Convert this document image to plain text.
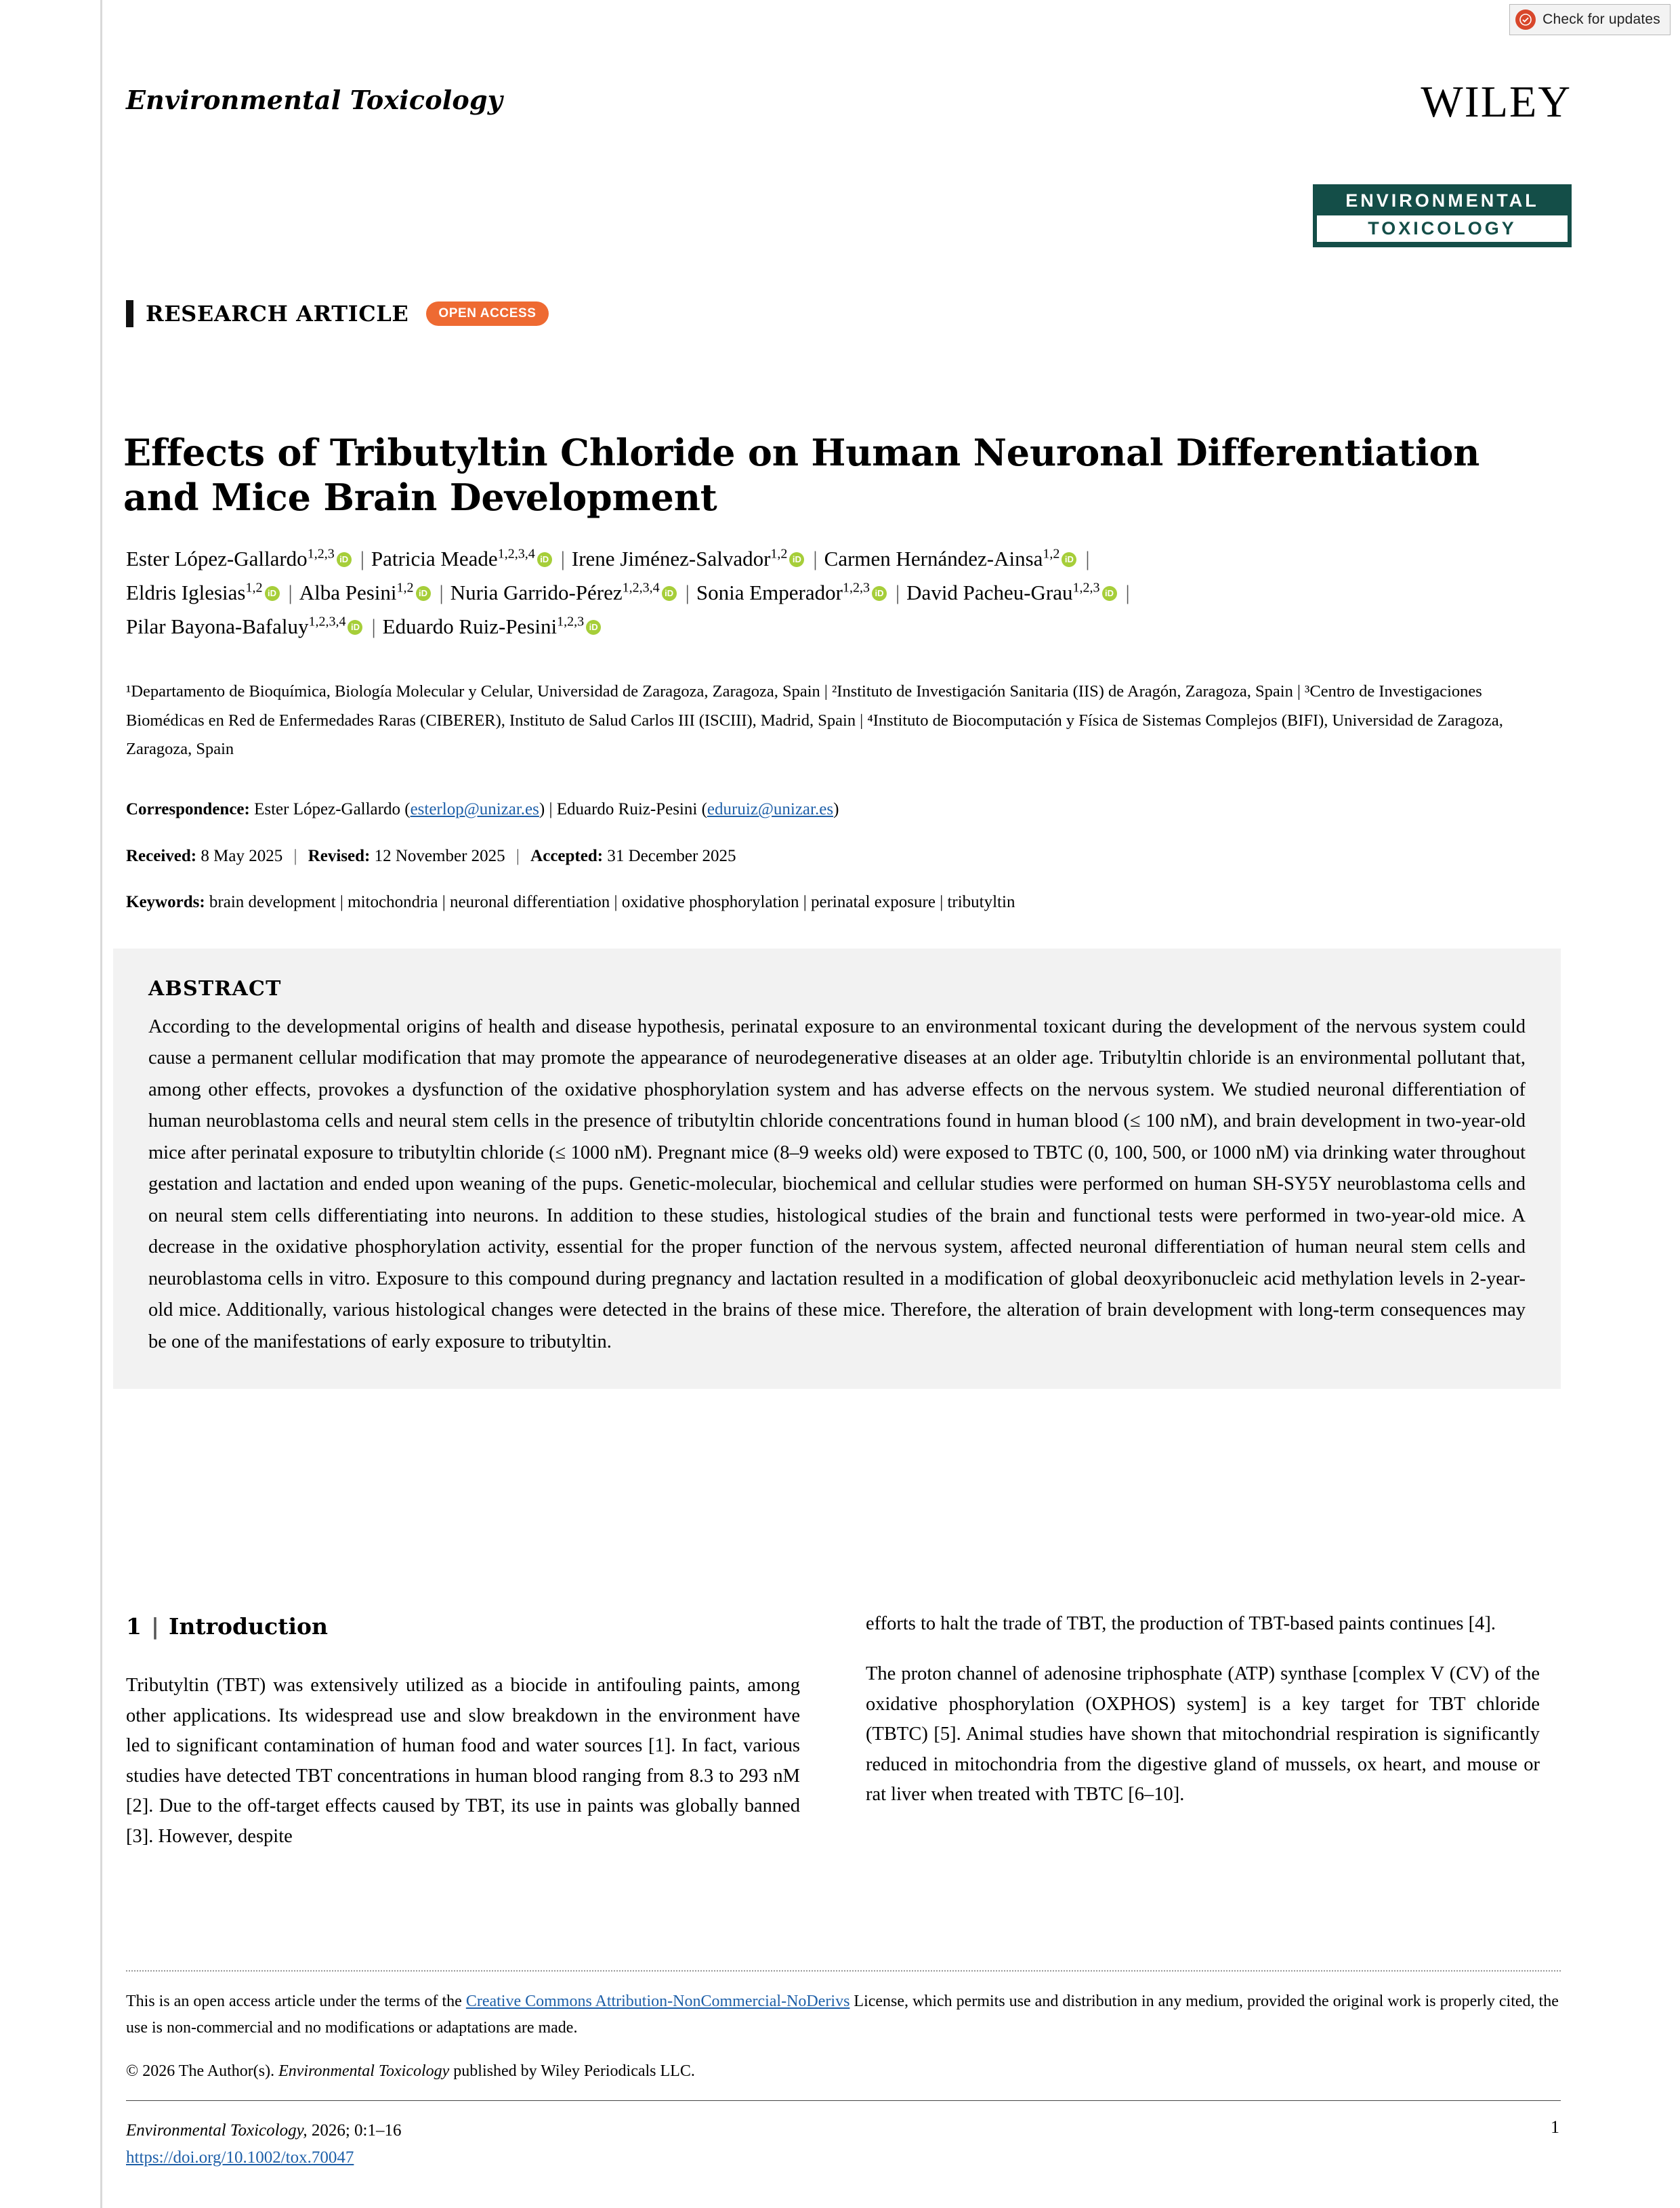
Check for updates
Environmental Toxicology	WILEY
ENVIRONMENTAL
TOXICOLOGY
RESEARCH ARTICLE	OPEN ACCESS
Effects of Tributyltin Chloride on Human Neuronal Differentiation and Mice Brain Development
Ester López-Gallardo$^{1,2,3}$ iD | Patricia Meade$^{1,2,3,4}$ iD | Irene Jiménez-Salvador$^{1,2}$ iD | Carmen Hernández-Ainsa$^{1,2}$ iD |
Eldris Iglesias$^{1,2}$ iD | Alba Pesini$^{1,2}$ iD | Nuria Garrido-Pérez$^{1,2,3,4}$ iD | Sonia Emperador$^{1,2,3}$ iD | David Pacheu-Grau$^{1,2,3}$ iD |
Pilar Bayona-Bafaluy$^{1,2,3,4}$ iD | Eduardo Ruiz-Pesini$^{1,2,3}$iD
¹Departamento de Bioquímica, Biología Molecular y Celular, Universidad de Zaragoza, Zaragoza, Spain | ²Instituto de Investigación Sanitaria (IIS) de Aragón, Zaragoza, Spain | ³Centro de Investigaciones Biomédicas en Red de Enfermedades Raras (CIBERER), Instituto de Salud Carlos III (ISCIII), Madrid, Spain | ⁴Instituto de Biocomputación y Física de Sistemas Complejos (BIFI), Universidad de Zaragoza, Zaragoza, Spain
Correspondence: Ester López-Gallardo (esterlop@unizar.es) | Eduardo Ruiz-Pesini (eduruiz@unizar.es)
Received: 8 May 2025 | Revised: 12 November 2025 | Accepted: 31 December 2025
Keywords: brain development | mitochondria | neuronal differentiation | oxidative phosphorylation | perinatal exposure | tributyltin
ABSTRACT
According to the developmental origins of health and disease hypothesis, perinatal exposure to an environmental toxicant during the development of the nervous system could cause a permanent cellular modification that may promote the appearance of neurodegenerative diseases at an older age. Tributyltin chloride is an environmental pollutant that, among other effects, provokes a dysfunction of the oxidative phosphorylation system and has adverse effects on the nervous system. We studied neuronal differentiation of human neuroblastoma cells and neural stem cells in the presence of tributyltin chloride concentrations found in human blood (≤ 100 nM), and brain development in two-year-old mice after perinatal exposure to tributyltin chloride (≤ 1000 nM). Pregnant mice (8–9 weeks old) were exposed to TBTC (0, 100, 500, or 1000 nM) via drinking water throughout gestation and lactation and ended upon weaning of the pups. Genetic-molecular, biochemical and cellular studies were performed on human SH-SY5Y neuroblastoma cells and on neural stem cells differentiating into neurons. In addition to these studies, histological studies of the brain and functional tests were performed in two-year-old mice. A decrease in the oxidative phosphorylation activity, essential for the proper function of the nervous system, affected neuronal differentiation of human neural stem cells and neuroblastoma cells in vitro. Exposure to this compound during pregnancy and lactation resulted in a modification of global deoxyribonucleic acid methylation levels in 2-year-old mice. Additionally, various histological changes were detected in the brains of these mice. Therefore, the alteration of brain development with long-term consequences may be one of the manifestations of early exposure to tributyltin.
1 | Introduction

Tributyltin (TBT) was extensively utilized as a biocide in antifouling paints, among other applications. Its widespread use and slow breakdown in the environment have led to significant contamination of human food and water sources [1]. In fact, various studies have detected TBT concentrations in human blood ranging from 8.3 to 293 nM [2]. Due to the off-target effects caused by TBT, its use in paints was globally banned [3]. However, despite

efforts to halt the trade of TBT, the production of TBT-based paints continues [4].

The proton channel of adenosine triphosphate (ATP) synthase [complex V (CV) of the oxidative phosphorylation (OXPHOS) system] is a key target for TBT chloride (TBTC) [5]. Animal studies have shown that mitochondrial respiration is significantly reduced in mitochondria from the digestive gland of mussels, ox heart, and mouse or rat liver when treated with TBTC [6–10].

This is an open access article under the terms of the Creative Commons Attribution-NonCommercial-NoDerivs License, which permits use and distribution in any medium, provided the original work is properly cited, the use is non-commercial and no modifications or adaptations are made.
© 2026 The Author(s). Environmental Toxicology published by Wiley Periodicals LLC.
Environmental Toxicology, 2026; 0:1–16
https://doi.org/10.1002/tox.70047
1
